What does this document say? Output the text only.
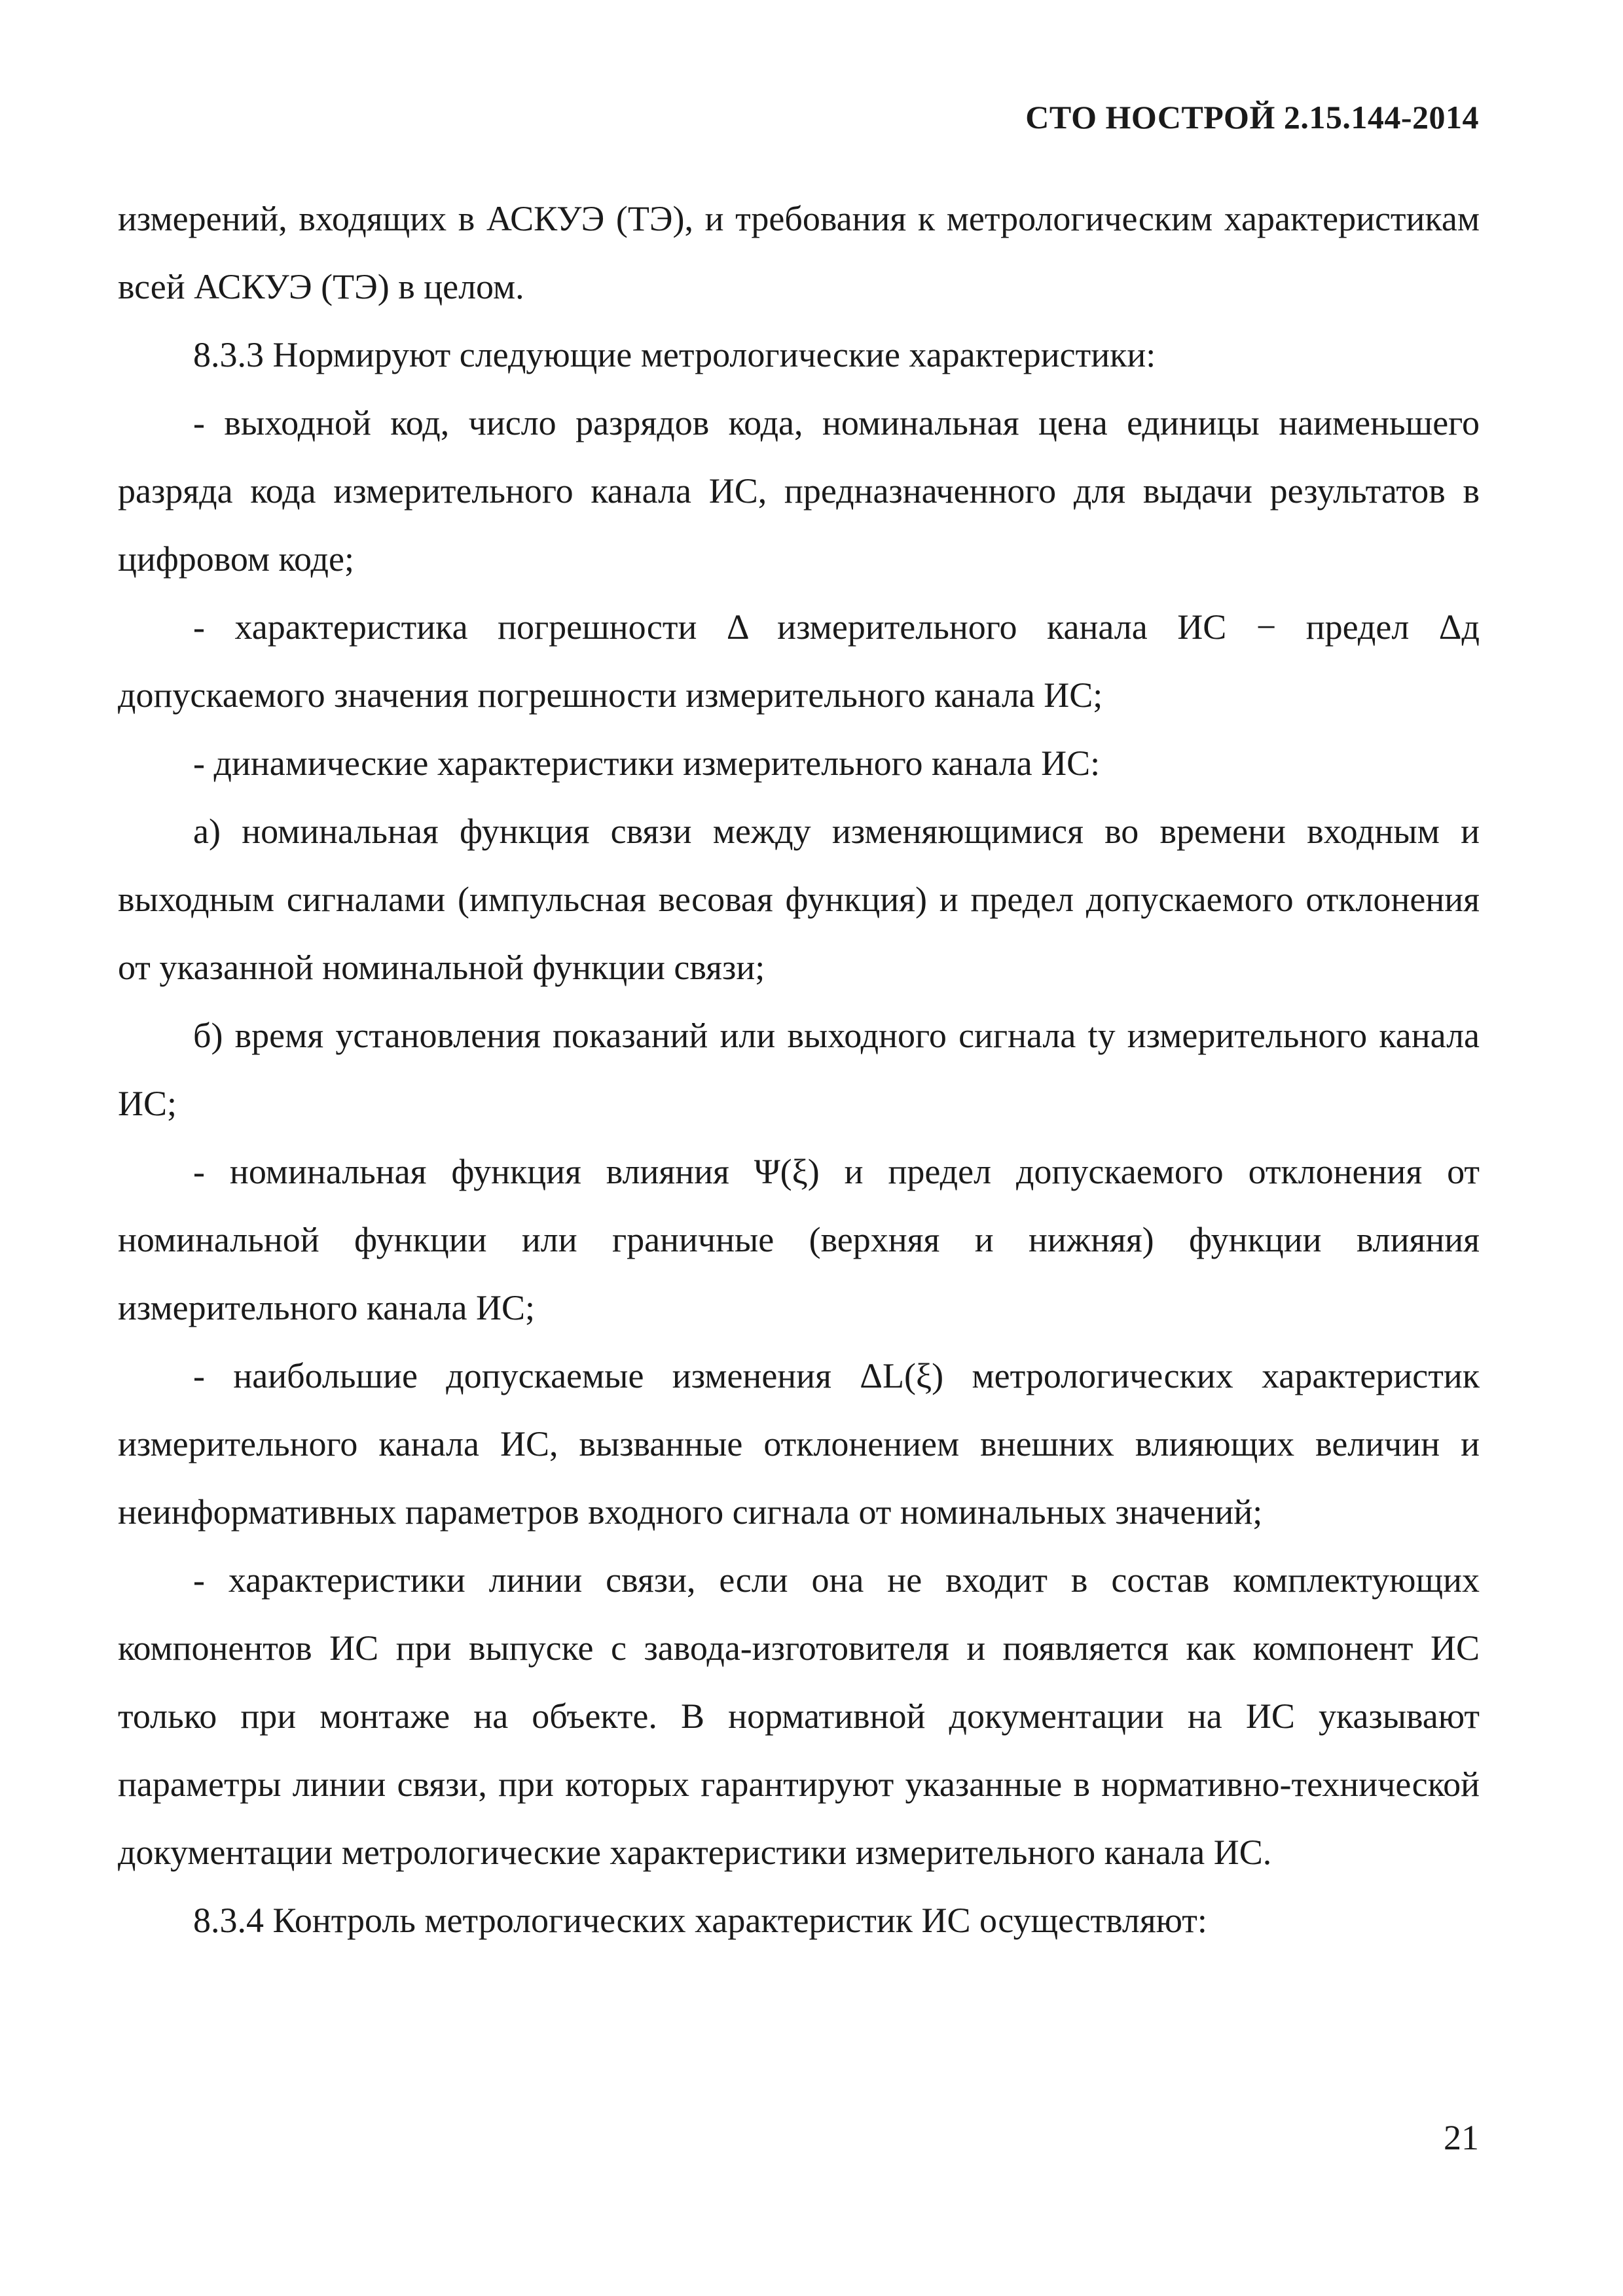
СТО НОСТРОЙ 2.15.144-2014

измерений, входящих в АСКУЭ (ТЭ), и требования к метрологическим характеристикам всей АСКУЭ (ТЭ) в целом.

8.3.3 Нормируют следующие метрологические характеристики:

- выходной код, число разрядов кода, номинальная цена единицы наименьшего разряда кода измерительного канала ИС, предназначенного для выдачи результатов в цифровом коде;

- характеристика погрешности Δ измерительного канала ИС − предел Δд допускаемого значения погрешности измерительного канала ИС;

- динамические характеристики измерительного канала ИС:

а) номинальная функция связи между изменяющимися во времени входным и выходным сигналами (импульсная весовая функция) и предел допускаемого отклонения от указанной номинальной функции связи;

б) время установления показаний или выходного сигнала tу измерительного канала ИС;

- номинальная функция влияния Ψ(ξ) и предел допускаемого отклонения от номинальной функции или граничные (верхняя и нижняя) функции влияния измерительного канала ИС;

- наибольшие допускаемые изменения ΔL(ξ) метрологических характеристик измерительного канала ИС, вызванные отклонением внешних влияющих величин и неинформативных параметров входного сигнала от номинальных значений;

- характеристики линии связи, если она не входит в состав комплектующих компонентов ИС при выпуске с завода-изготовителя и появляется как компонент ИС только при монтаже на объекте. В нормативной документации на ИС указывают параметры линии связи, при которых гарантируют указанные в нормативно-технической документации метрологические характеристики измерительного канала ИС.

8.3.4 Контроль метрологических характеристик ИС осуществляют:

21
